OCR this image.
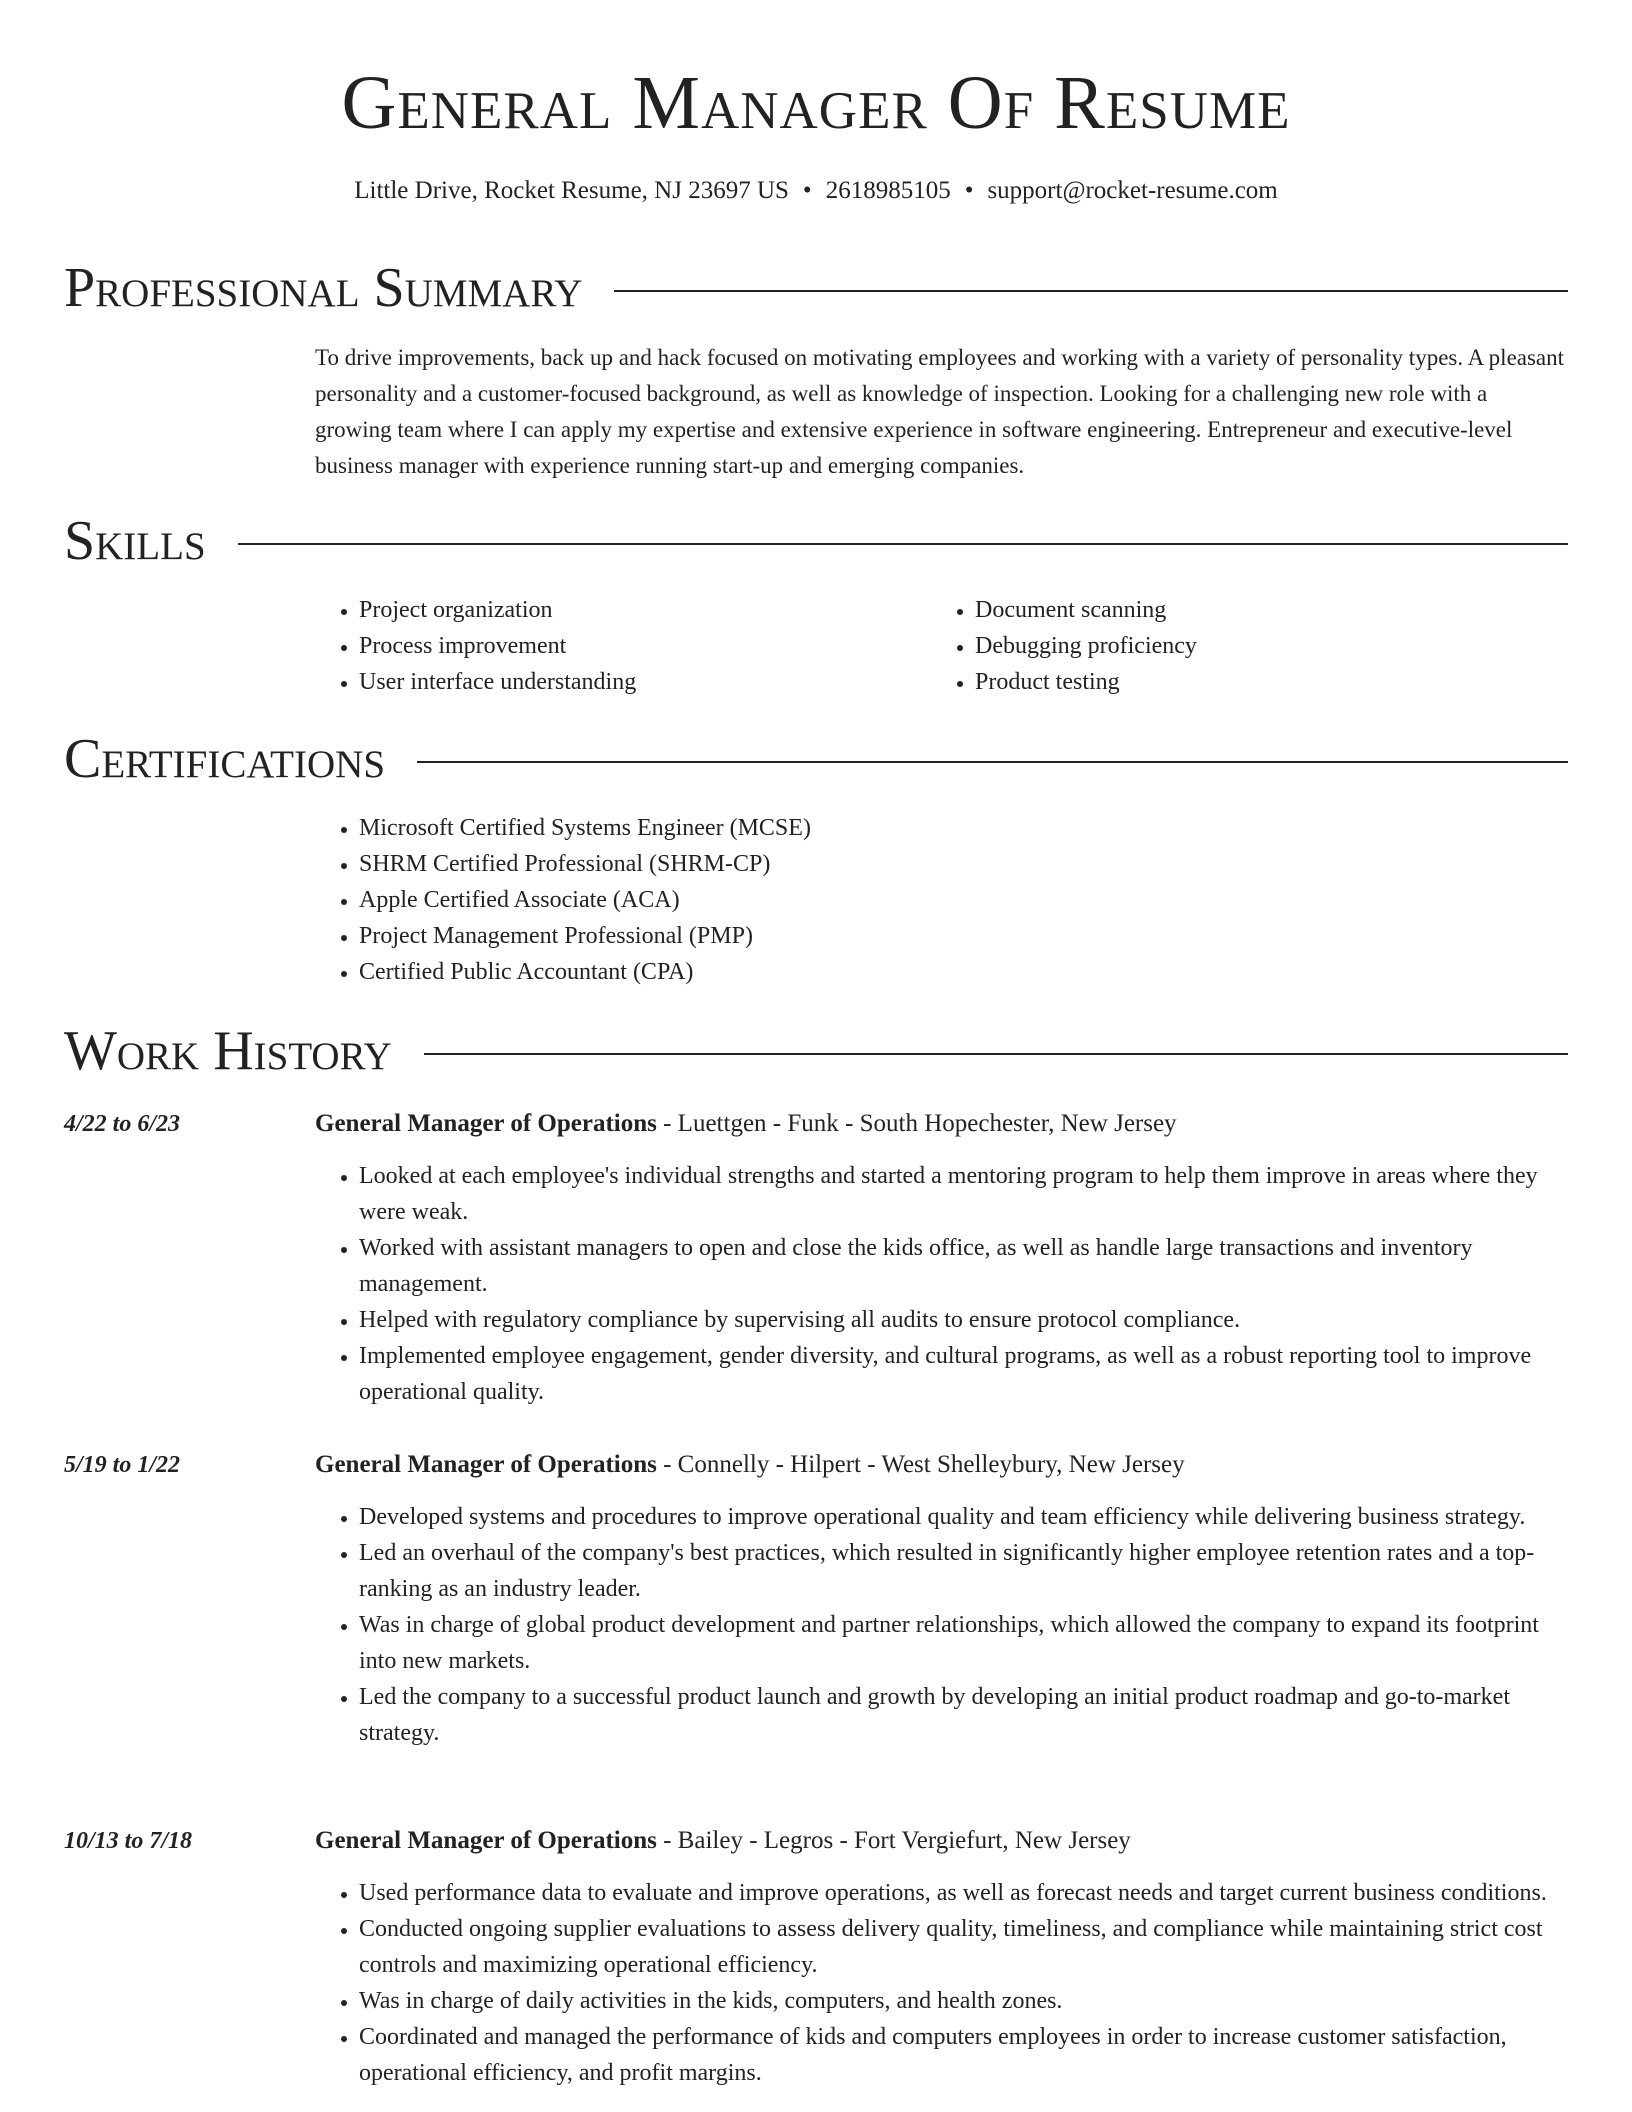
General Manager Of Resume
Little Drive, Rocket Resume, NJ 23697 US • 2618985105 • support@rocket-resume.com
Professional Summary

To drive improvements, back up and hack focused on motivating employees and working with a variety of personality types. A pleasant personality and a customer-focused background, as well as knowledge of inspection. Looking for a challenging new role with a growing team where I can apply my expertise and extensive experience in software engineering. Entrepreneur and executive-level business manager with experience running start-up and emerging companies.

Skills
• Project organization
• Process improvement
• User interface understanding
• Document scanning
• Debugging proficiency
• Product testing
Certifications
• Microsoft Certified Systems Engineer (MCSE)
• SHRM Certified Professional (SHRM-CP)
• Apple Certified Associate (ACA)
• Project Management Professional (PMP)
• Certified Public Accountant (CPA)
Work History
4/22 to 6/23	General Manager of Operations - Luettgen - Funk - South Hopechester, New Jersey
• Looked at each employee's individual strengths and started a mentoring program to help them improve in areas where they were weak.
• Worked with assistant managers to open and close the kids office, as well as handle large transactions and inventory management.
• Helped with regulatory compliance by supervising all audits to ensure protocol compliance.
• Implemented employee engagement, gender diversity, and cultural programs, as well as a robust reporting tool to improve operational quality.
5/19 to 1/22	General Manager of Operations - Connelly - Hilpert - West Shelleybury, New Jersey
• Developed systems and procedures to improve operational quality and team efficiency while delivering business strategy.
• Led an overhaul of the company's best practices, which resulted in significantly higher employee retention rates and a top-ranking as an industry leader.
• Was in charge of global product development and partner relationships, which allowed the company to expand its footprint into new markets.
• Led the company to a successful product launch and growth by developing an initial product roadmap and go-to-market strategy.
10/13 to 7/18	General Manager of Operations - Bailey - Legros - Fort Vergiefurt, New Jersey
• Used performance data to evaluate and improve operations, as well as forecast needs and target current business conditions.
• Conducted ongoing supplier evaluations to assess delivery quality, timeliness, and compliance while maintaining strict cost controls and maximizing operational efficiency.
• Was in charge of daily activities in the kids, computers, and health zones.
• Coordinated and managed the performance of kids and computers employees in order to increase customer satisfaction, operational efficiency, and profit margins.
